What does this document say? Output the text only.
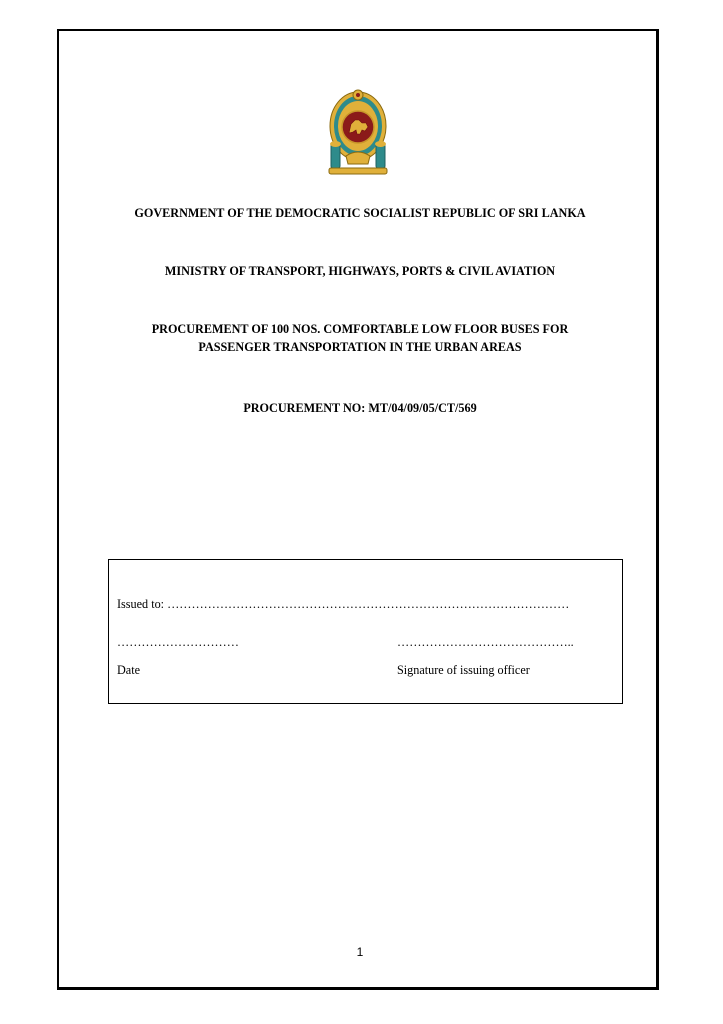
GOVERNMENT OF THE DEMOCRATIC SOCIALIST REPUBLIC OF SRI LANKA

MINISTRY OF TRANSPORT, HIGHWAYS, PORTS & CIVIL AVIATION

PROCUREMENT OF 100 NOS. COMFORTABLE LOW FLOOR BUSES FOR
PASSENGER TRANSPORTATION IN THE URBAN AREAS

PROCUREMENT NO: MT/04/09/05/CT/569

Issued to: ………………………………………………………………………………………
…………………………	……………………………………..
Date	Signature of issuing officer
1
